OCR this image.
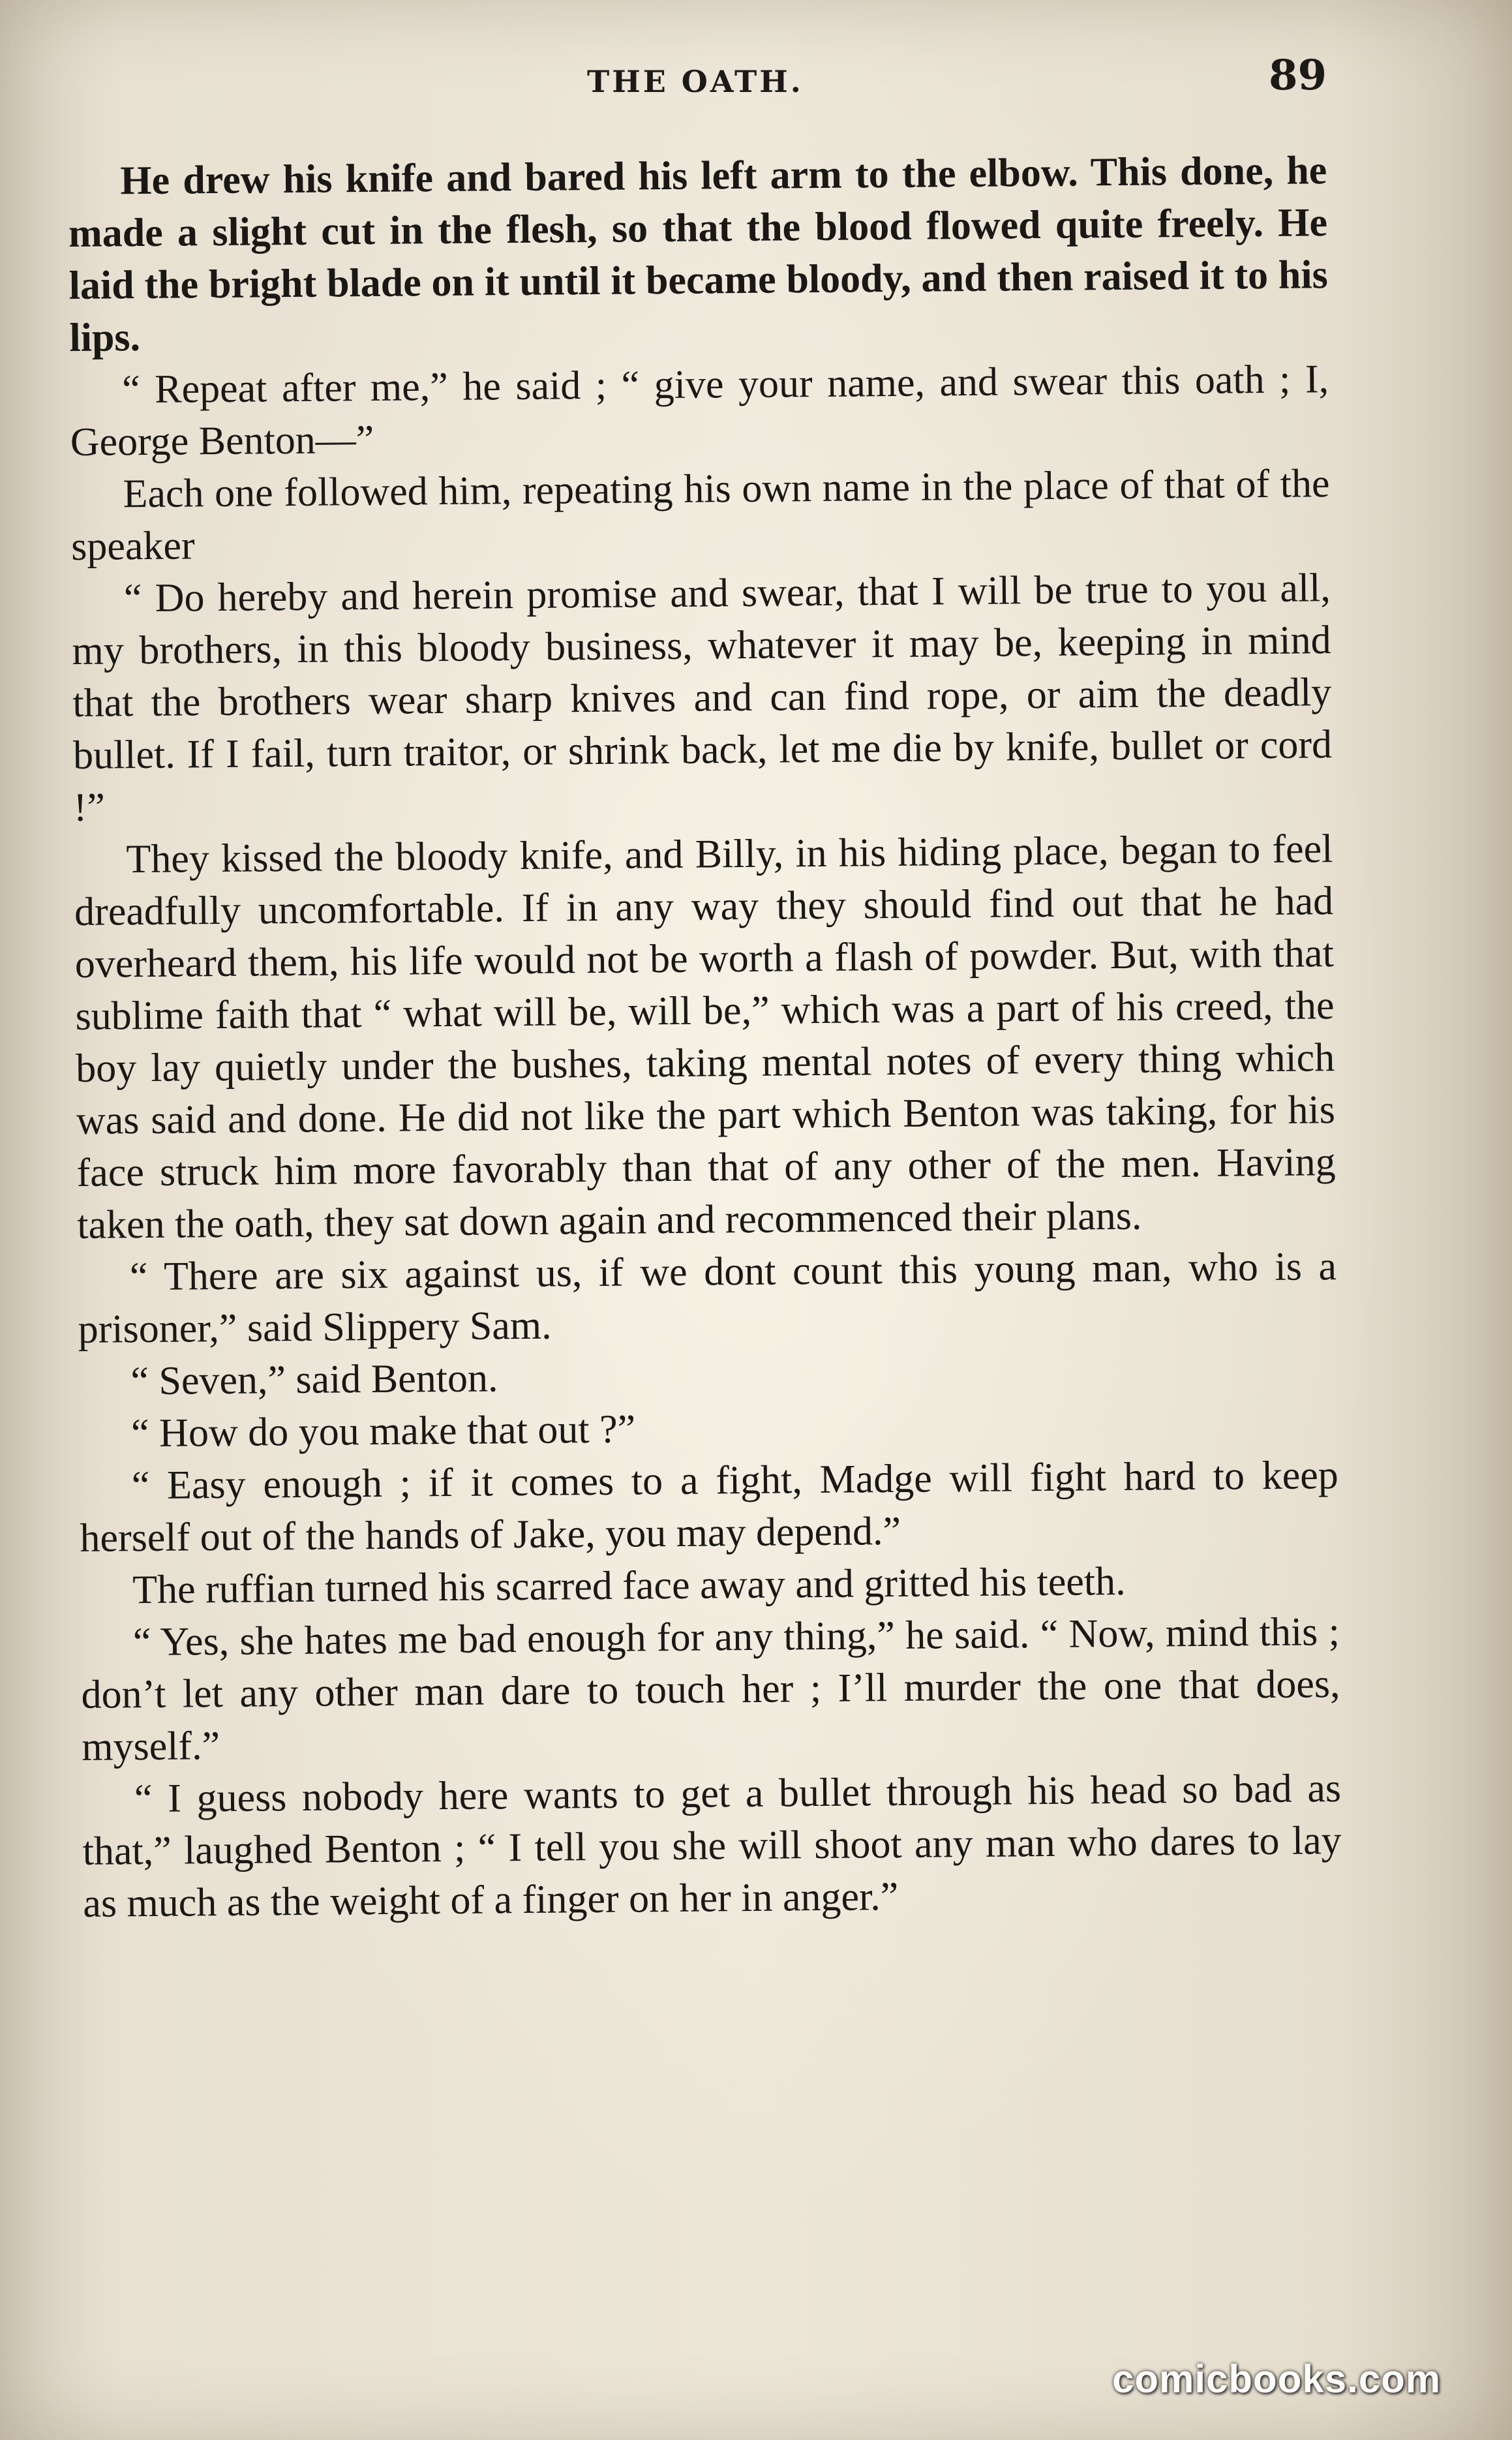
THE OATH.	89

He drew his knife and bared his left arm to the elbow. This done, he made a slight cut in the flesh, so that the blood flowed quite freely. He laid the bright blade on it until it became bloody, and then raised it to his lips.

“ Repeat after me,” he said ; “ give your name, and swear this oath ; I, George Benton—”

Each one followed him, repeating his own name in the place of that of the speaker

“ Do hereby and herein promise and swear, that I will be true to you all, my brothers, in this bloody business, whatever it may be, keeping in mind that the brothers wear sharp knives and can find rope, or aim the deadly bullet. If I fail, turn traitor, or shrink back, let me die by knife, bullet or cord !”

They kissed the bloody knife, and Billy, in his hiding place, began to feel dreadfully uncomfortable. If in any way they should find out that he had overheard them, his life would not be worth a flash of powder. But, with that sublime faith that “ what will be, will be,” which was a part of his creed, the boy lay quietly under the bushes, taking mental notes of every thing which was said and done. He did not like the part which Benton was taking, for his face struck him more favorably than that of any other of the men. Having taken the oath, they sat down again and recommenced their plans.

“ There are six against us, if we dont count this young man, who is a prisoner,” said Slippery Sam.

“ Seven,” said Benton.

“ How do you make that out ?”

“ Easy enough ; if it comes to a fight, Madge will fight hard to keep herself out of the hands of Jake, you may depend.”

The ruffian turned his scarred face away and gritted his teeth.

“ Yes, she hates me bad enough for any thing,” he said. “ Now, mind this ; don’t let any other man dare to touch her ; I’ll murder the one that does, myself.”

“ I guess nobody here wants to get a bullet through his head so bad as that,” laughed Benton ; “ I tell you she will shoot any man who dares to lay as much as the weight of a finger on her in anger.”

comicbooks.com
